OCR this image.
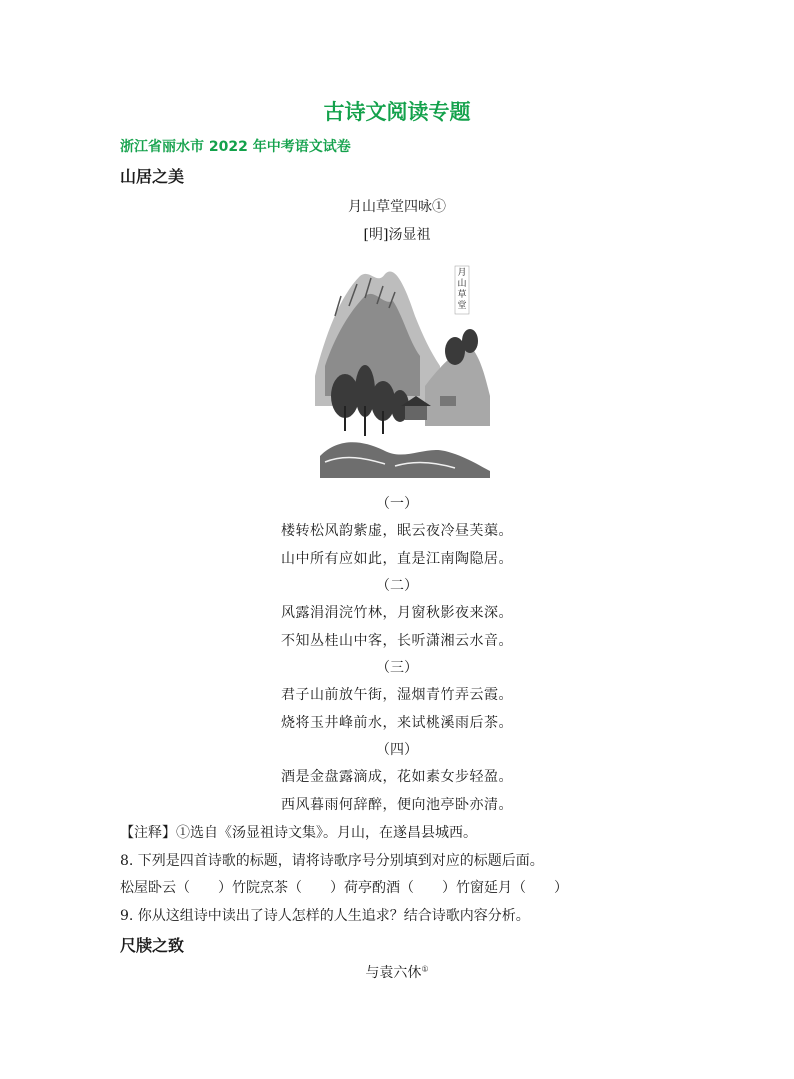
古诗文阅读专题
浙江省丽水市 2022 年中考语文试卷
山居之美
月山草堂四咏①
[明]汤显祖
月山草堂
（一）
楼转松风韵紫虚，眠云夜冷昼芙蕖。
山中所有应如此，直是江南陶隐居。
（二）
风露涓涓浣竹林，月窗秋影夜来深。
不知丛桂山中客，长听潇湘云水音。
（三）
君子山前放午街，湿烟青竹弄云霞。
烧将玉井峰前水，来试桃溪雨后茶。
（四）
酒是金盘露滴成，花如素女步轻盈。
西风暮雨何辞醉，便向池亭卧亦清。
【注释】①选自《汤显祖诗文集》。月山，在遂昌县城西。
8. 下列是四首诗歌的标题，请将诗歌序号分别填到对应的标题后面。
松屋卧云（　　）竹院烹茶（　　）荷亭酌酒（　　）竹窗延月（　　）
9. 你从这组诗中读出了诗人怎样的人生追求？结合诗歌内容分析。
尺牍之致
与袁六休①
